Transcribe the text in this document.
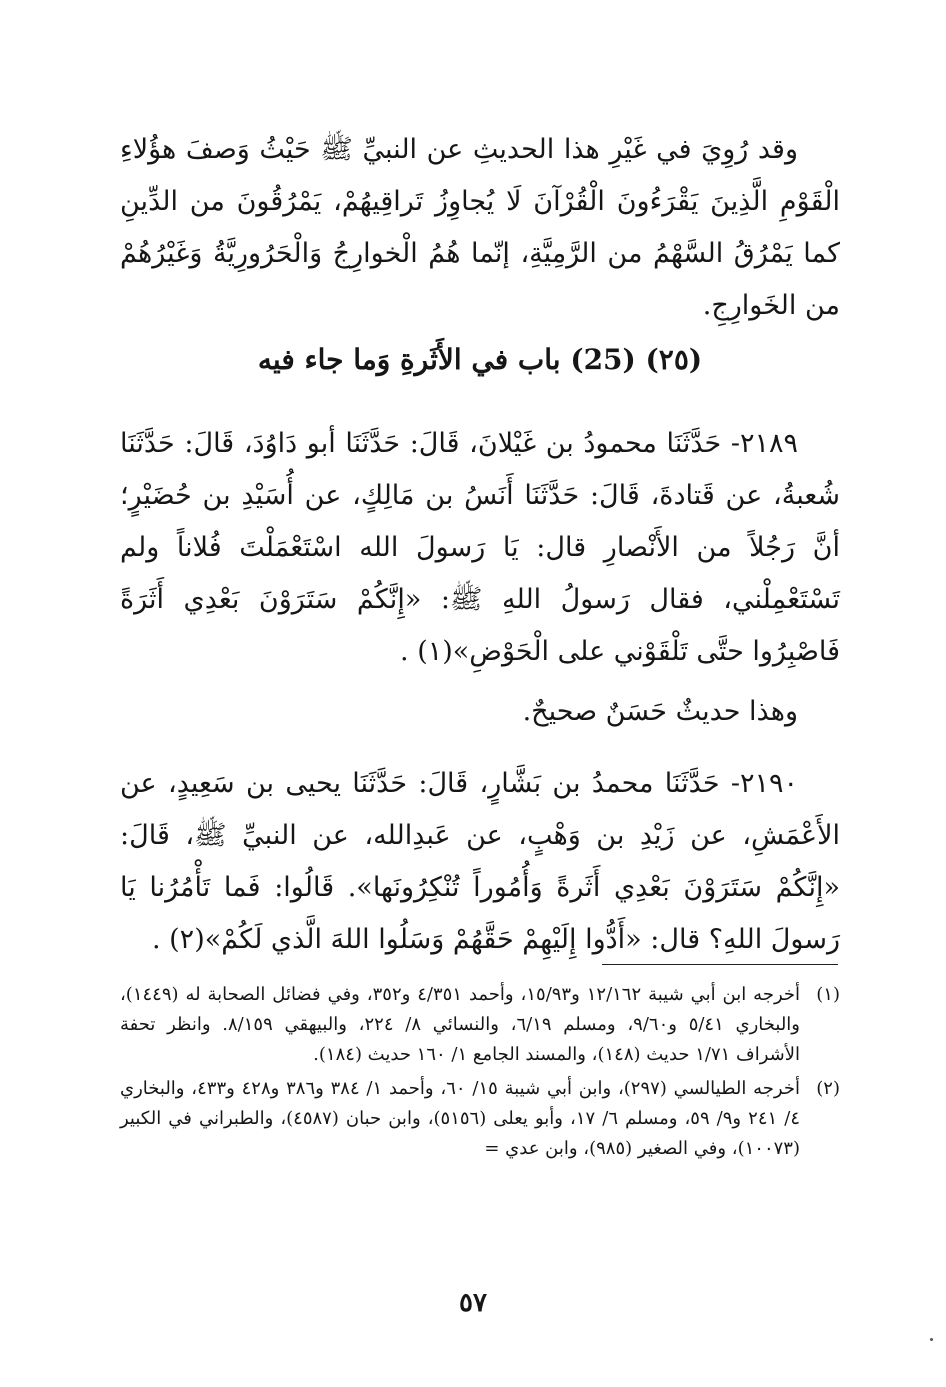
وقد رُوِيَ في غَيْرِ هذا الحديثِ عن النبيِّ ﷺ حَيْثُ وَصفَ هؤُلاءِ الْقَوْمِ الَّذِينَ يَقْرَءُونَ الْقُرْآنَ لَا يُجاوِزُ تَراقِيهُمْ، يَمْرُقُونَ من الدِّينِ كما يَمْرُقُ السَّهْمُ من الرَّمِيَّةِ، إنّما هُمُ الْخوارِجُ وَالْحَرُورِيَّةُ وَغَيْرُهُمْ من الخَوارِجِ.

(٢٥) (25) باب في الأَثَرةِ وَما جاء فيه

٢١٨٩- حَدَّثَنَا محمودُ بن غَيْلانَ، قَالَ: حَدَّثَنَا أبو دَاوُدَ، قَالَ: حَدَّثَنَا شُعبةُ، عن قَتادةَ، قَالَ: حَدَّثَنَا أَنَسُ بن مَالِكٍ، عن أُسَيْدِ بن حُضَيْرٍ؛ أنَّ رَجُلاً من الأَنْصارِ قال: يَا رَسولَ الله اسْتَعْمَلْتَ فُلاناً ولم تَسْتَعْمِلْني، فقال رَسولُ اللهِ ﷺ: «إِنَّكُمْ سَتَرَوْنَ بَعْدِي أَثَرَةً فَاصْبِرُوا حتَّى تَلْقَوْني على الْحَوْضِ»(١) .

وهذا حديثٌ حَسَنٌ صحيحٌ.

٢١٩٠- حَدَّثَنَا محمدُ بن بَشَّارٍ، قَالَ: حَدَّثَنَا يحيى بن سَعِيدٍ، عن الأَعْمَشِ، عن زَيْدِ بن وَهْبٍ، عن عَبدِالله، عن النبيِّ ﷺ، قَالَ: «إِنَّكُمْ سَتَرَوْنَ بَعْدِي أَثَرةً وَأُمُوراً تُنْكِرُونَها». قَالُوا: فَما تَأْمُرُنا يَا رَسولَ اللهِ؟ قال: «أَدُّوا إِلَيْهِمْ حَقَّهُمْ وَسَلُوا اللهَ الَّذي لَكُمْ»(٢) .

(١)
أخرجه ابن أبي شيبة ١٢/١٦٢ و١٥/٩٣، وأحمد ٤/٣٥١ و٣٥٢، وفي فضائل الصحابة له (١٤٤٩)، والبخاري ٥/٤١ و٩/٦٠، ومسلم ٦/١٩، والنسائي ٨/ ٢٢٤، والبيهقي ٨/١٥٩. وانظر تحفة الأشراف ١/٧١ حديث (١٤٨)، والمسند الجامع ١/ ١٦٠ حديث (١٨٤).
(٢)
أخرجه الطيالسي (٢٩٧)، وابن أبي شيبة ١٥/ ٦٠، وأحمد ١/ ٣٨٤ و٣٨٦ و٤٢٨ و٤٣٣، والبخاري ٤/ ٢٤١ و٩/ ٥٩، ومسلم ٦/ ١٧، وأبو يعلى (٥١٥٦)، وابن حبان (٤٥٨٧)، والطبراني في الكبير (١٠٠٧٣)، وفي الصغير (٩٨٥)، وابن عدي =
٥٧
